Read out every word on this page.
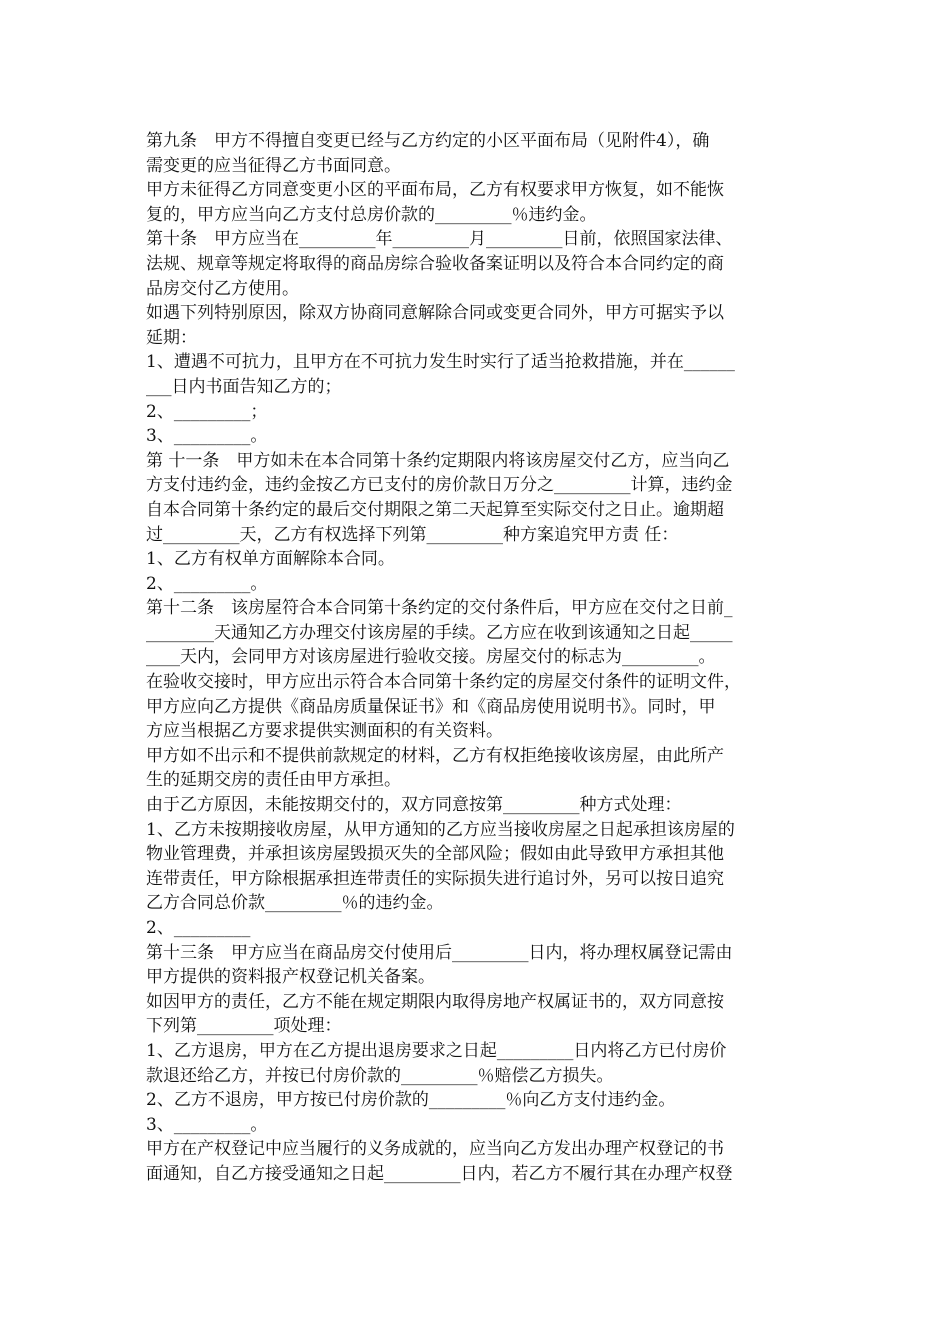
第九条　甲方不得擅自变更已经与乙方约定的小区平面布局（见附件4），确
需变更的应当征得乙方书面同意。
甲方未征得乙方同意变更小区的平面布局，乙方有权要求甲方恢复，如不能恢
复的，甲方应当向乙方支付总房价款的_________％违约金。
第十条　甲方应当在_________年_________月_________日前，依照国家法律、
法规、规章等规定将取得的商品房综合验收备案证明以及符合本合同约定的商
品房交付乙方使用。
如遇下列特别原因，除双方协商同意解除合同或变更合同外，甲方可据实予以
延期：
1、遭遇不可抗力，且甲方在不可抗力发生时实行了适当抢救措施，并在______
___日内书面告知乙方的；
2、_________；
3、_________。
第 十一条　甲方如未在本合同第十条约定期限内将该房屋交付乙方，应当向乙
方支付违约金，违约金按乙方已支付的房价款日万分之_________计算，违约金
自本合同第十条约定的最后交付期限之第二天起算至实际交付之日止。逾期超
过_________天，乙方有权选择下列第_________种方案追究甲方责 任：
1、乙方有权单方面解除本合同。
2、_________。
第十二条　该房屋符合本合同第十条约定的交付条件后，甲方应在交付之日前_
________天通知乙方办理交付该房屋的手续。乙方应在收到该通知之日起_____
____天内，会同甲方对该房屋进行验收交接。房屋交付的标志为_________。
在验收交接时，甲方应出示符合本合同第十条约定的房屋交付条件的证明文件，
甲方应向乙方提供《商品房质量保证书》和《商品房使用说明书》。同时，甲
方应当根据乙方要求提供实测面积的有关资料。
甲方如不出示和不提供前款规定的材料，乙方有权拒绝接收该房屋，由此所产
生的延期交房的责任由甲方承担。
由于乙方原因，未能按期交付的，双方同意按第_________种方式处理：
1、乙方未按期接收房屋，从甲方通知的乙方应当接收房屋之日起承担该房屋的
物业管理费，并承担该房屋毁损灭失的全部风险；假如由此导致甲方承担其他
连带责任，甲方除根据承担连带责任的实际损失进行追讨外，另可以按日追究
乙方合同总价款_________％的违约金。
2、_________
第十三条　甲方应当在商品房交付使用后_________日内，将办理权属登记需由
甲方提供的资料报产权登记机关备案。
如因甲方的责任，乙方不能在规定期限内取得房地产权属证书的，双方同意按
下列第_________项处理：
1、乙方退房，甲方在乙方提出退房要求之日起_________日内将乙方已付房价
款退还给乙方，并按已付房价款的_________％赔偿乙方损失。
2、乙方不退房，甲方按已付房价款的_________％向乙方支付违约金。
3、_________。
甲方在产权登记中应当履行的义务成就的，应当向乙方发出办理产权登记的书
面通知，自乙方接受通知之日起_________日内，若乙方不履行其在办理产权登
